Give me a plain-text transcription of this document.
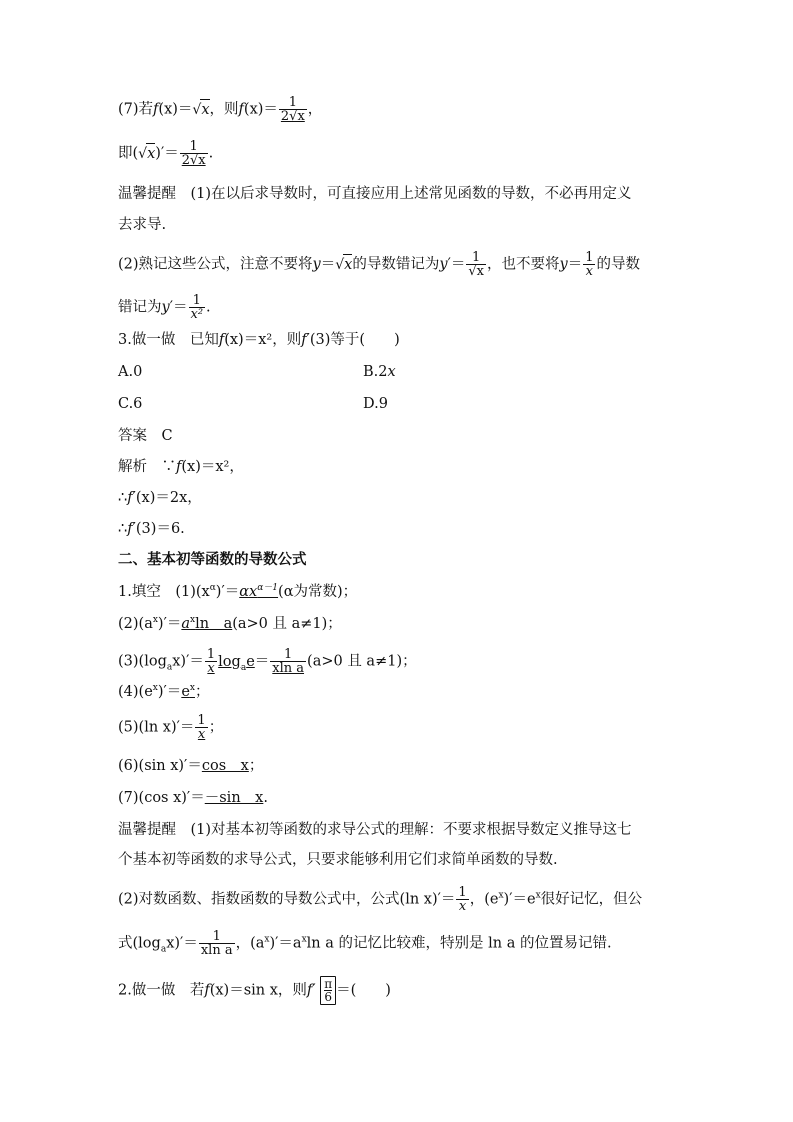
(7)若f(x)＝√x，则$f(x)= \frac{1}{2√x}$ ，
即$(√x)'= \frac{1}{2√x}$ .
温馨提醒　 (1)在以后求导数时，可直接应用上述常见函数的导数，不必再用定义
去求导.
(2)熟记这些公式，注意不要将y＝√x的导数错记为$y'= \frac{1}{√x}$ ，也不要将$y= \frac{1}{x}$ 的导数
错记为$y'= \frac{1}{\text{x²}}$ .
3.做一做　 已知f(x)＝x²，则f′(3)等于(　　)
A.0	B.2x
C.6	D.9
答案　 C
解析　 ∵f(x)＝x²，
∴f′(x)＝2x，
∴f′(3)＝6.
二、基本初等函数的导数公式
1.填空　 $(1)(x^\alpha)'=\alpha x^{\alpha-1}(\alpha$为常数)；
$(2)(a^x)'=a^x\ln$　a(a>0 且 a≠1)；
$(3)(\log_ax)'= \frac{1}{x} \log_ae= \frac{1}{\text{xln a}} (a>0$ 且 a≠1)；
$(4)(e^x)'=e^x$；
(5)(ln $x)'= \frac{1}{x}$ ；
(6)(sin x)′＝cos　x；
(7)(cos x)′＝－sin　x.
温馨提醒　 (1)对基本初等函数的求导公式的理解：不要求根据导数定义推导这七
个基本初等函数的求导公式，只要求能够利用它们求简单函数的导数.
(2)对数函数、指数函数的导数公式中，公式(ln $x)'= \frac{1}{x}$ ，$(e^x)'=e^x$很好记忆，但公
式$(\log_ax)'= \frac{1}{\text{xln a}}$ ，$(a^x)'=a^x\ln$ a 的记忆比较难，特别是 ln a 的位置易记错.
2.做一做　 若f(x)＝sin x，则$f' \frac{\pi}{6}=$(　　)
